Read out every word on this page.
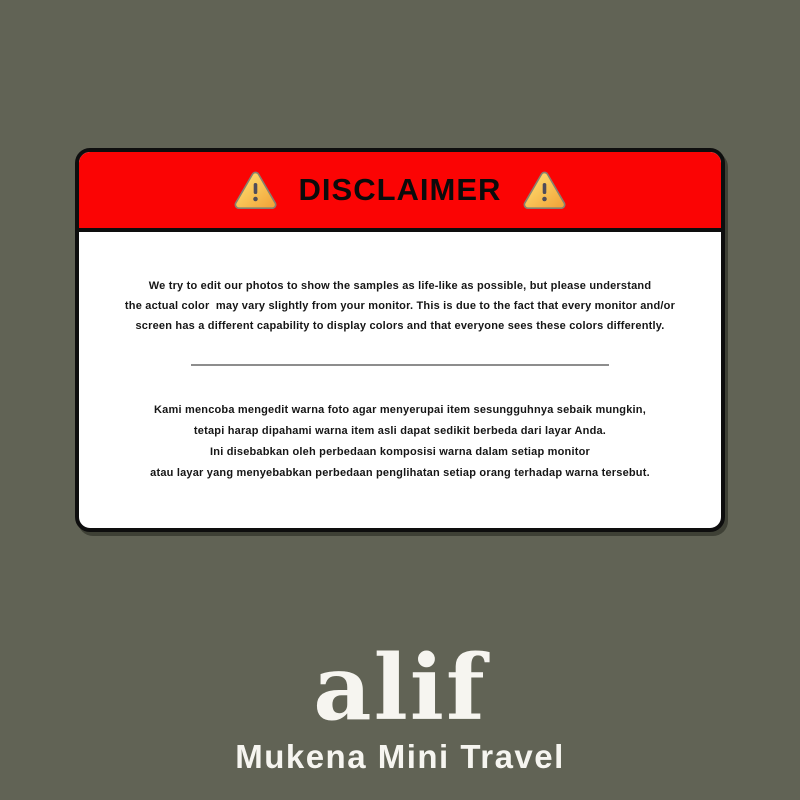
DISCLAIMER

We try to edit our photos to show the samples as life-like as possible, but please understand
the actual color  may vary slightly from your monitor. This is due to the fact that every monitor and/or
screen has a different capability to display colors and that everyone sees these colors differently.

Kami mencoba mengedit warna foto agar menyerupai item sesungguhnya sebaik mungkin,
tetapi harap dipahami warna item asli dapat sedikit berbeda dari layar Anda.
Ini disebabkan oleh perbedaan komposisi warna dalam setiap monitor
atau layar yang menyebabkan perbedaan penglihatan setiap orang terhadap warna tersebut.

alif
Mukena Mini Travel
